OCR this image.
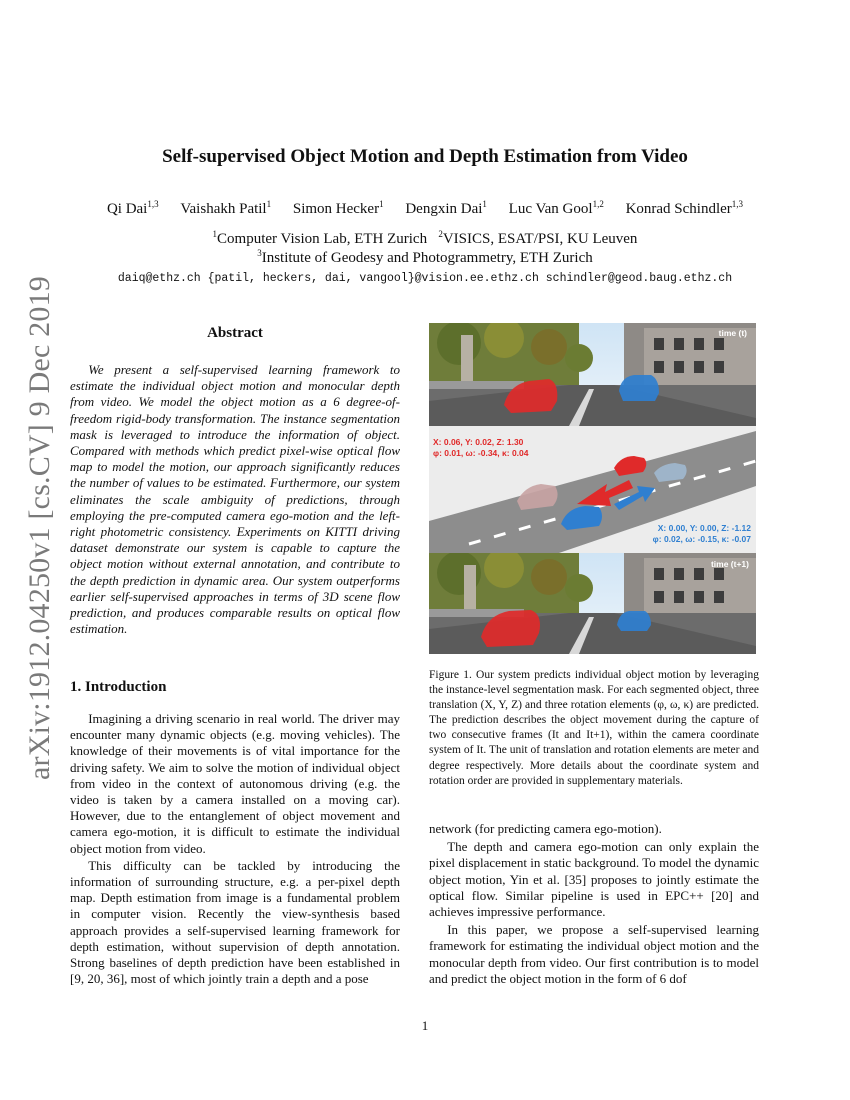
arXiv:1912.04250v1 [cs.CV] 9 Dec 2019
Self-supervised Object Motion and Depth Estimation from Video
Qi Dai$^{1,3}$ Vaishakh Patil$^1$ Simon Hecker$^1$ Dengxin Dai$^1$ Luc Van Gool$^{1,2}$ Konrad Schindler$^{1,3}$
$^1$Computer Vision Lab, ETH Zurich $^2$VISICS, ESAT/PSI, KU Leuven
$^3$Institute of Geodesy and Photogrammetry, ETH Zurich
daiq@ethz.ch {patil, heckers, dai, vangool}@vision.ee.ethz.ch schindler@geod.baug.ethz.ch
Abstract

We present a self-supervised learning framework to estimate the individual object motion and monocular depth from video. We model the object motion as a 6 degree-of-freedom rigid-body transformation. The instance segmentation mask is leveraged to introduce the information of object. Compared with methods which predict pixel-wise optical flow map to model the motion, our approach significantly reduces the number of values to be estimated. Furthermore, our system eliminates the scale ambiguity of predictions, through employing the pre-computed camera ego-motion and the left-right photometric consistency. Experiments on KITTI driving dataset demonstrate our system is capable to capture the object motion without external annotation, and contribute to the depth prediction in dynamic area. Our system outperforms earlier self-supervised approaches in terms of 3D scene flow prediction, and produces comparable results on optical flow estimation.

1. Introduction

Imagining a driving scenario in real world. The driver may encounter many dynamic objects (e.g. moving vehicles). The knowledge of their movements is of vital importance for the driving safety. We aim to solve the motion of individual object from video in the context of autonomous driving (e.g. the video is taken by a camera installed on a moving car). However, due to the entanglement of object movement and camera ego-motion, it is difficult to estimate the individual object motion from video.

This difficulty can be tackled by introducing the information of surrounding structure, e.g. a per-pixel depth map. Depth estimation from image is a fundamental problem in computer vision. Recently the view-synthesis based approach provides a self-supervised learning framework for depth estimation, without supervision of depth annotation. Strong baselines of depth prediction have been established in [9, 20, 36], most of which jointly train a depth and a pose

time (t)
X: 0.06, Y: 0.02, Z: 1.30
φ: 0.01, ω: -0.34, κ: 0.04
X: 0.00, Y: 0.00, Z: -1.12
φ: 0.02, ω: -0.15, κ: -0.07
time (t+1)

Figure 1. Our system predicts individual object motion by leveraging the instance-level segmentation mask. For each segmented object, three translation (X, Y, Z) and three rotation elements (φ, ω, κ) are predicted. The prediction describes the object movement during the capture of two consecutive frames (It and It+1), within the camera coordinate system of It. The unit of translation and rotation elements are meter and degree respectively. More details about the coordinate system and rotation order are provided in supplementary materials.

network (for predicting camera ego-motion).

The depth and camera ego-motion can only explain the pixel displacement in static background. To model the dynamic object motion, Yin et al. [35] proposes to jointly estimate the optical flow. Similar pipeline is used in EPC++ [20] and achieves impressive performance.

In this paper, we propose a self-supervised learning framework for estimating the individual object motion and the monocular depth from video. Our first contribution is to model and predict the object motion in the form of 6 dof

1
